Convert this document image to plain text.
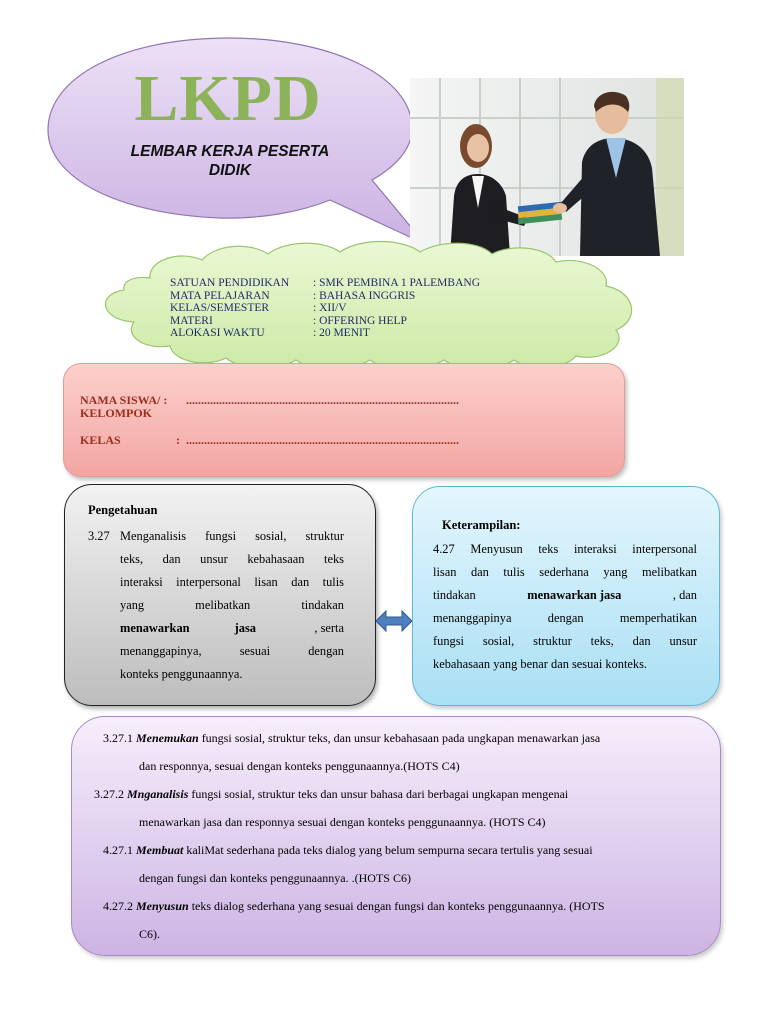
LKPD
LEMBAR KERJA PESERTA
DIDIK
SATUAN PENDIDIKAN	: SMK PEMBINA 1 PALEMBANG
MATA PELAJARAN	: BAHASA INGGRIS
KELAS/SEMESTER	: XII/V
MATERI	: OFFERING HELP
ALOKASI WAKTU	: 20 MENIT
NAMA SISWA/ : ...........................................................................................
KELOMPOK
KELAS	: ...........................................................................................
Pengetahuan
3.27 Menganalisis fungsi sosial, struktur
teks, dan unsur kebahasaan teks
interaksi interpersonal lisan dan tulis
yang melibatkan tindakan
menawarkan jasa	, serta
menanggapinya, sesuai dengan
konteks penggunaannya.
Keterampilan:
4.27 Menyusun teks interaksi interpersonal
lisan dan tulis sederhana yang melibatkan
tindakan	menawarkan jasa	, dan
menanggapinya dengan memperhatikan
fungsi sosial, struktur teks, dan unsur
kebahasaan yang benar dan sesuai konteks.
3.27.1 Menemukan fungsi sosial, struktur teks, dan unsur kebahasaan pada ungkapan menawarkan jasa
dan responnya, sesuai dengan konteks penggunaannya.(HOTS C4)
3.27.2 Mnganalisis fungsi sosial, struktur teks dan unsur bahasa dari berbagai ungkapan mengenai
menawarkan jasa dan responnya sesuai dengan konteks penggunaannya. (HOTS C4)
4.27.1 Membuat kaliMat sederhana pada teks dialog yang belum sempurna secara tertulis yang sesuai
dengan fungsi dan konteks penggunaannya. .(HOTS C6)
4.27.2 Menyusun teks dialog sederhana yang sesuai dengan fungsi dan konteks penggunaannya. (HOTS
C6).
